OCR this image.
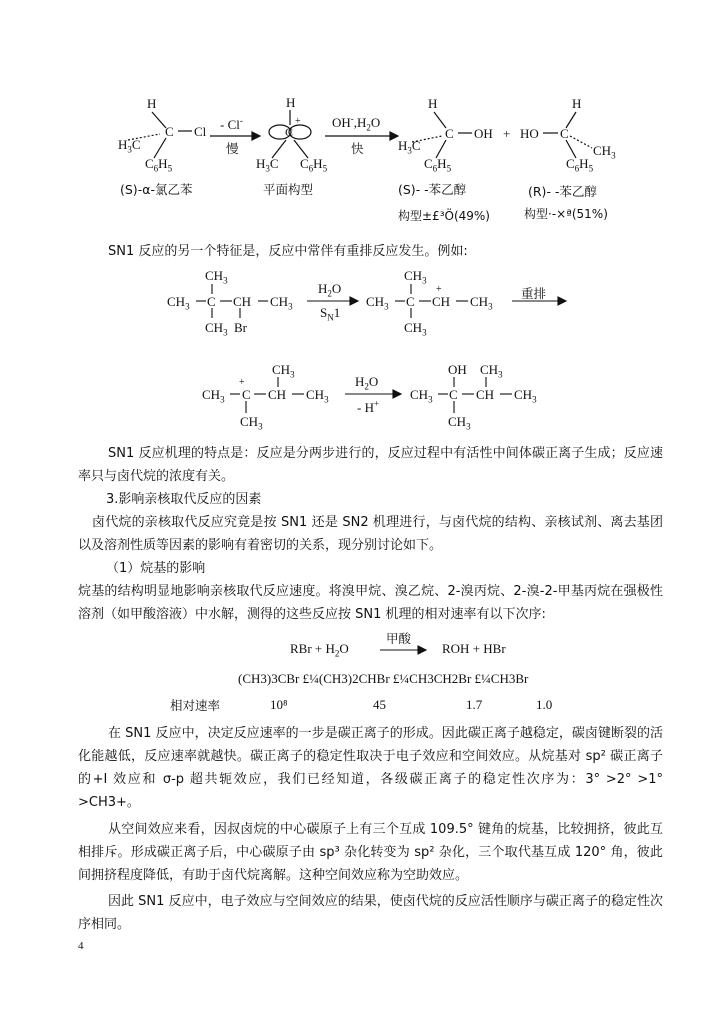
H
$H_3C$
C Cl
$C_6H_5$
- Cl-
慢
H
C
+
$H_3C$ $C_6H_5$
$OH^-,H_2O$
快
H
$H_3C$
C OH +
H
HO C
$CH_3$
$C_6H_5$	$C_6H_5$
(S)-α-氯乙苯	平面构型	(S)- -苯乙醇	(R)- -苯乙醇
构型±£³Ö(49%)	构型·-×ª(51%)
SN1 反应的另一个特征是，反应中常伴有重排反应发生。例如:
$CH_3$
$CH_3$ C CH $CH_3$
$CH_3$ Br
$H_2O$
$S_N1$
$CH_3$
$CH_3$ C
+
CH $CH_3$
$CH_3$
重排
$CH_3$
$CH_3$ C
+
CH $CH_3$
$CH_3$
$H_2O$
- H+
OH $CH_3$
$CH_3$ C CH $CH_3$
$CH_3$
SN1 反应机理的特点是：反应是分两步进行的，反应过程中有活性中间体碳正离子生成；反应速率只与卤代烷的浓度有关。
3.影响亲核取代反应的因素
卤代烷的亲核取代反应究竟是按 SN1 还是 SN2 机理进行，与卤代烷的结构、亲核试剂、离去基团以及溶剂性质等因素的影响有着密切的关系，现分别讨论如下。
（1）烷基的影响
烷基的结构明显地影响亲核取代反应速度。将溴甲烷、溴乙烷、2-溴丙烷、2-溴-2-甲基丙烷在强极性溶剂（如甲酸溶液）中水解，测得的这些反应按 SN1 机理的相对速率有以下次序:
RBr + $H_2O$
甲酸
ROH + HBr
(CH3)3CBr £¼(CH3)2CHBr £¼CH3CH2Br £¼CH3Br
相对速率	10⁸	45	1.7	1.0
在 SN1 反应中，决定反应速率的一步是碳正离子的形成。因此碳正离子越稳定，碳卤键断裂的活化能越低，反应速率就越快。碳正离子的稳定性取决于电子效应和空间效应。从烷基对 sp² 碳正离子的+I 效应和 σ-p 超共轭效应，我们已经知道，各级碳正离子的稳定性次序为：3° >2° >1° >CH3+。
从空间效应来看，因叔卤烷的中心碳原子上有三个互成 109.5° 键角的烷基，比较拥挤，彼此互相排斥。形成碳正离子后，中心碳原子由 sp³ 杂化转变为 sp² 杂化，三个取代基互成 120° 角，彼此间拥挤程度降低，有助于卤代烷离解。这种空间效应称为空助效应。
因此 SN1 反应中，电子效应与空间效应的结果，使卤代烷的反应活性顺序与碳正离子的稳定性次序相同。
4
